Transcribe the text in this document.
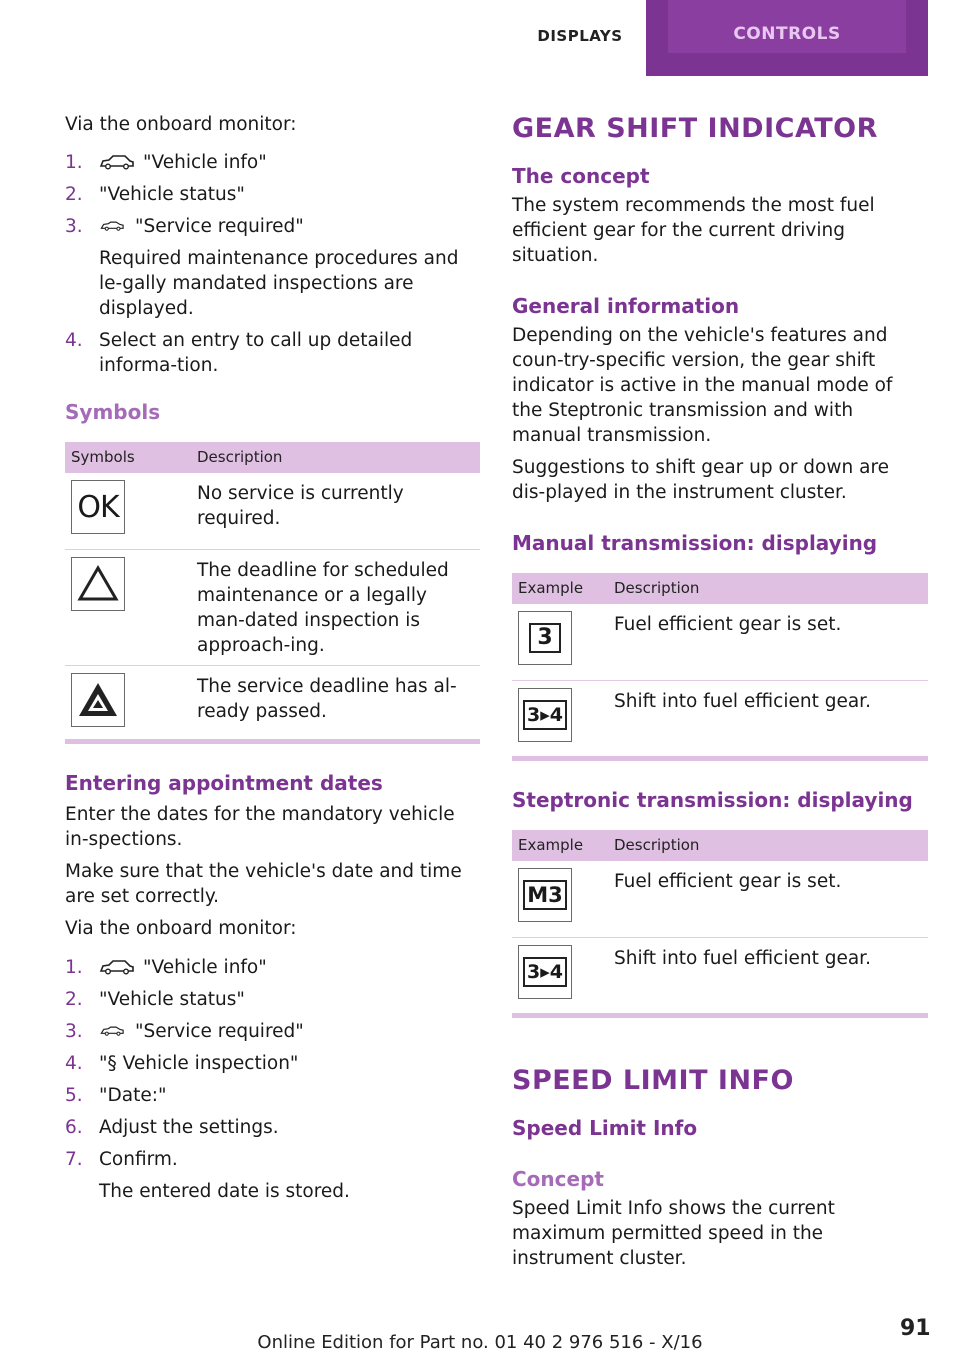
DISPLAYS	CONTROLS

Via the onboard monitor:

1.	"Vehicle info"
2. "Vehicle status"
3.	"Service required"
Required maintenance procedures and le‐gally mandated inspections are displayed.
4. Select an entry to call up detailed informa‐tion.

Symbols

Symbols	Description

OK	No service is currently required.

	The deadline for scheduled maintenance or a legally man‐dated inspection is approach‐ing.

	The service deadline has al‐ready passed.

Entering appointment dates

Enter the dates for the mandatory vehicle in‐spections.

Make sure that the vehicle's date and time are set correctly.

Via the onboard monitor:

1.	"Vehicle info"
2. "Vehicle status"
3.	"Service required"
4. "§ Vehicle inspection"
5. "Date:"
6. Adjust the settings.
7. Confirm.
The entered date is stored.

GEAR SHIFT INDICATOR

The concept

The system recommends the most fuel efficient gear for the current driving situation.

General information

Depending on the vehicle's features and coun‐try-specific version, the gear shift indicator is active in the manual mode of the Steptronic transmission and with manual transmission.

Suggestions to shift gear up or down are dis‐played in the instrument cluster.

Manual transmission: displaying

Example	Description

3	Fuel efficient gear is set.

3▸4	Shift into fuel efficient gear.

Steptronic transmission: displaying

Example	Description

M3	Fuel efficient gear is set.

3▸4	Shift into fuel efficient gear.

SPEED LIMIT INFO

Speed Limit Info

Concept

Speed Limit Info shows the current maximum permitted speed in the instrument cluster.

Online Edition for Part no. 01 40 2 976 516 - X/16
91
